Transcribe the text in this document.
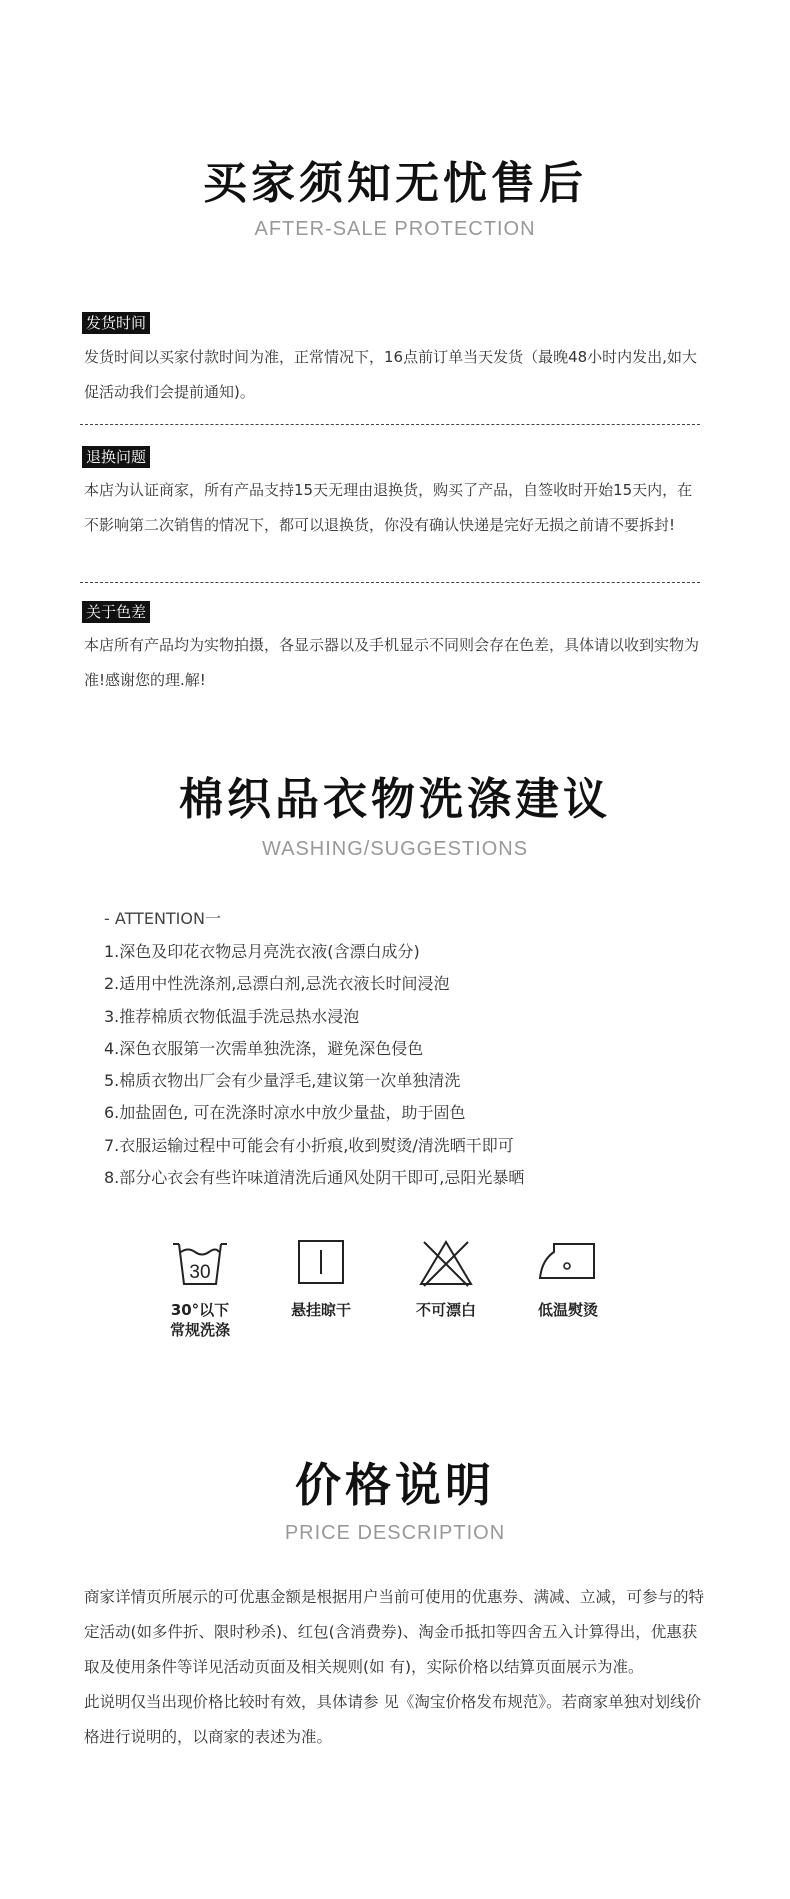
买家须知无忧售后
AFTER-SALE PROTECTION
发货时间
发货时间以买家付款时间为准，正常情况下，16点前订单当天发货（最晚48小时内发出,如大促活动我们会提前通知)。
退换问题
本店为认证商家，所有产品支持15天无理由退换货，购买了产品，自签收时开始15天内，在不影响第二次销售的情况下，都可以退换货，你没有确认快递是完好无损之前请不要拆封!
关于色差
本店所有产品均为实物拍摄，各显示器以及手机显示不同则会存在色差，具体请以收到实物为准!感谢您的理.解!
棉织品衣物洗涤建议
WASHING/SUGGESTIONS
- ATTENTION一
1.深色及印花衣物忌月亮洗衣液(含漂白成分)
2.适用中性洗涤剂,忌漂白剂,忌洗衣液长时间浸泡
3.推荐棉质衣物低温手洗忌热水浸泡
4.深色衣服第一次需单独洗涤，避免深色侵色
5.棉质衣物出厂会有少量浮毛,建议第一次单独清洗
6.加盐固色, 可在洗涤时凉水中放少量盐，助于固色
7.衣服运输过程中可能会有小折痕,收到熨烫/清洗晒干即可
8.部分心衣会有些许味道清洗后通风处阴干即可,忌阳光暴晒
30
30°以下
常规洗涤
悬挂晾干	不可漂白	低温熨烫
价格说明
PRICE DESCRIPTION

商家详情页所展示的可优惠金额是根据用户当前可使用的优惠券、满减、立减，可参与的特定活动(如多件折、限时秒杀)、红包(含消费券)、淘金币抵扣等四舍五入计算得出，优惠获取及使用条件等详见活动页面及相关规则(如 有)，实际价格以结算页面展示为准。

此说明仅当出现价格比较时有效，具体请参 见《淘宝价格发布规范》。若商家单独对划线价格进行说明的，以商家的表述为准。
